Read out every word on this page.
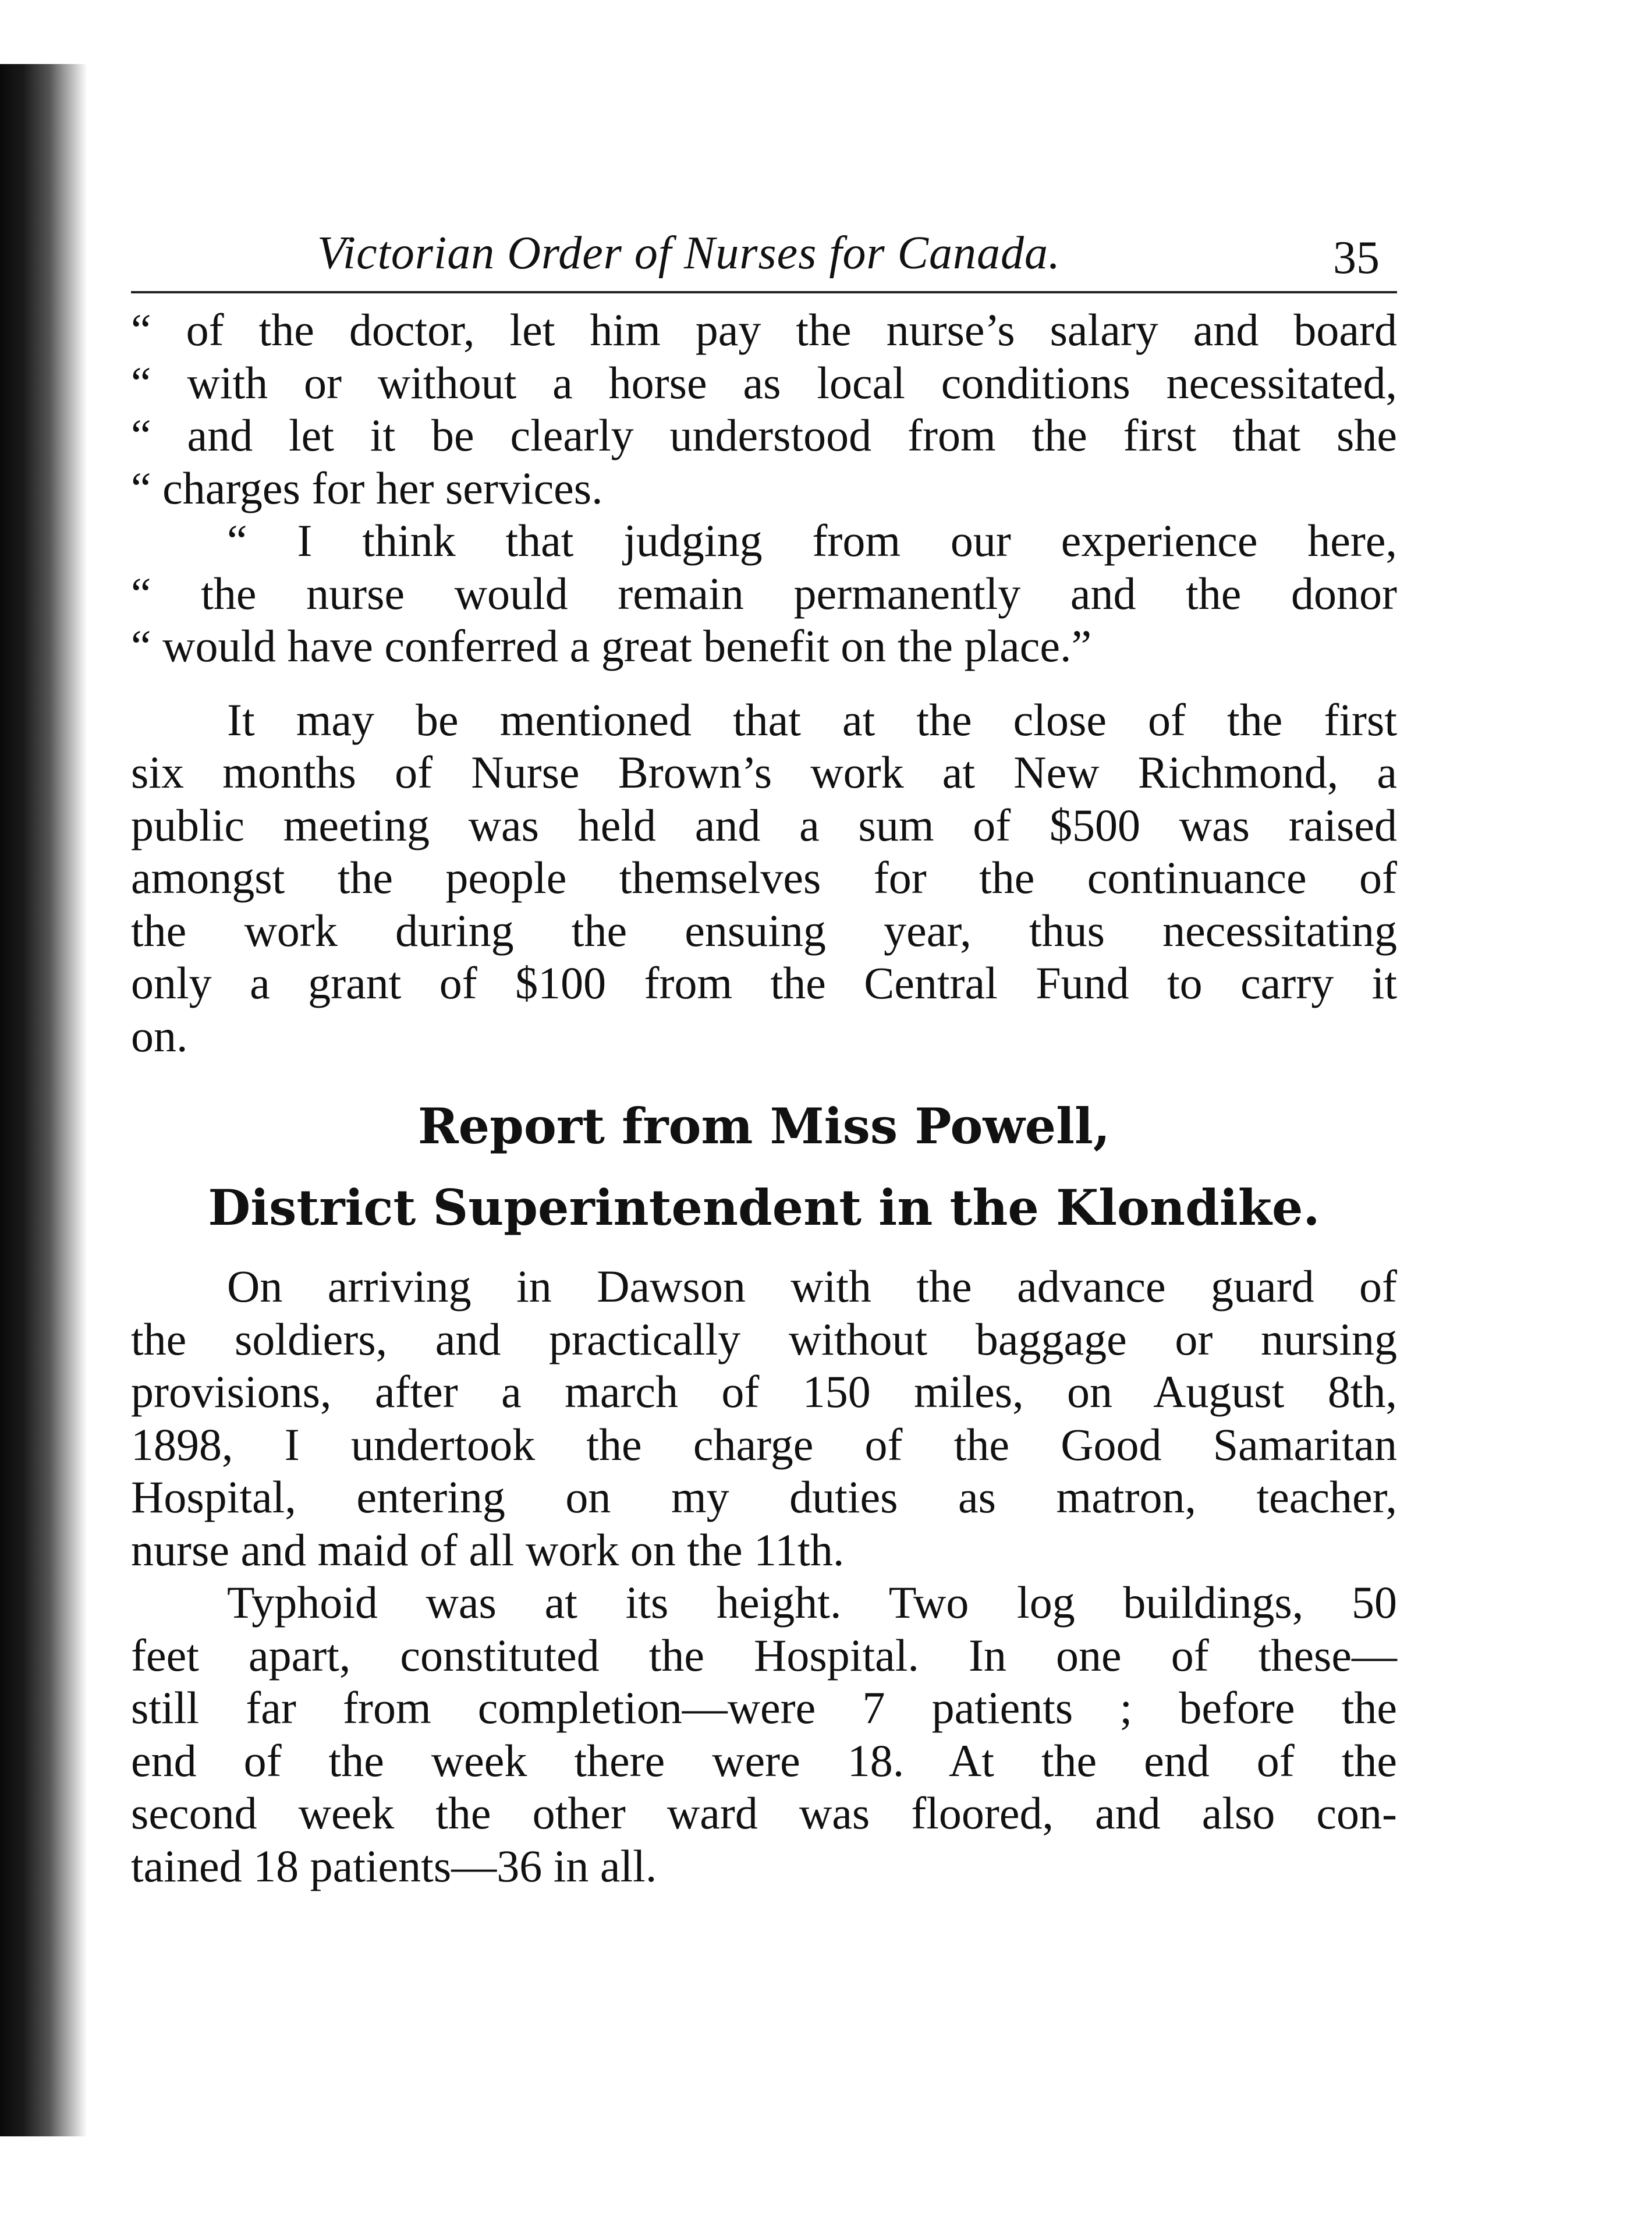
Victorian Order of Nurses for Canada.	35

“ of the doctor, let him pay the nurse’s salary and board

“ with or without a horse as local conditions necessitated,

“ and let it be clearly understood from the first that she

“ charges for her services.

“ I think that judging from our experience here,

“ the nurse would remain permanently and the donor

“ would have conferred a great benefit on the place.”

It may be mentioned that at the close of the first

six months of Nurse Brown’s work at New Richmond, a

public meeting was held and a sum of $500 was raised

amongst the people themselves for the continuance of

the work during the ensuing year, thus necessitating

only a grant of $100 from the Central Fund to carry it

on.

Report from Miss Powell,
District Superintendent in the Klondike.

On arriving in Dawson with the advance guard of

the soldiers, and practically without baggage or nursing

provisions, after a march of 150 miles, on August 8th,

1898, I undertook the charge of the Good Samaritan

Hospital, entering on my duties as matron, teacher,

nurse and maid of all work on the 11th.

Typhoid was at its height. Two log buildings, 50

feet apart, constituted the Hospital. In one of these—

still far from completion—were 7 patients ; before the

end of the week there were 18. At the end of the

second week the other ward was floored, and also con-

tained 18 patients—36 in all.
